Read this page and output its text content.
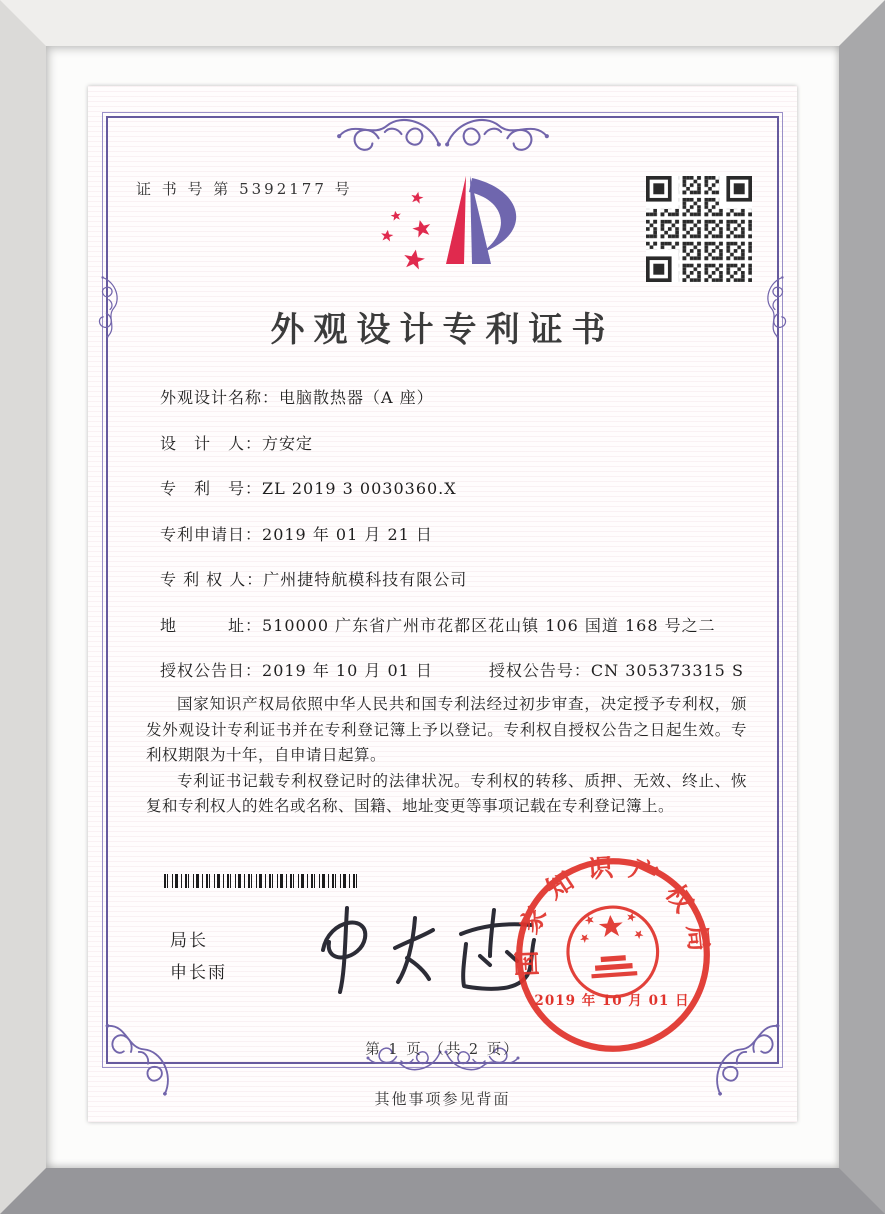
证 书 号 第 5392177 号
外观设计专利证书
外观设计名称：电脑散热器（A 座）
设　计　人：方安定
专　利　号：ZL 2019 3 0030360.X
专利申请日：2019 年 01 月 21 日
专 利 权 人：广州捷特航模科技有限公司
地　　　址：510000 广东省广州市花都区花山镇 106 国道 168 号之二
授权公告日：2019 年 10 月 01 日	授权公告号：CN 305373315 S

国家知识产权局依照中华人民共和国专利法经过初步审查，决定授予专利权，颁发外观设计专利证书并在专利登记簿上予以登记。专利权自授权公告之日起生效。专利权期限为十年，自申请日起算。

专利证书记载专利权登记时的法律状况。专利权的转移、质押、无效、终止、恢复和专利权人的姓名或名称、国籍、地址变更等事项记载在专利登记簿上。

局长
申长雨	国家知识产权局
2019 年 10 月 01 日
第 1 页 （共 2 页）
其他事项参见背面
